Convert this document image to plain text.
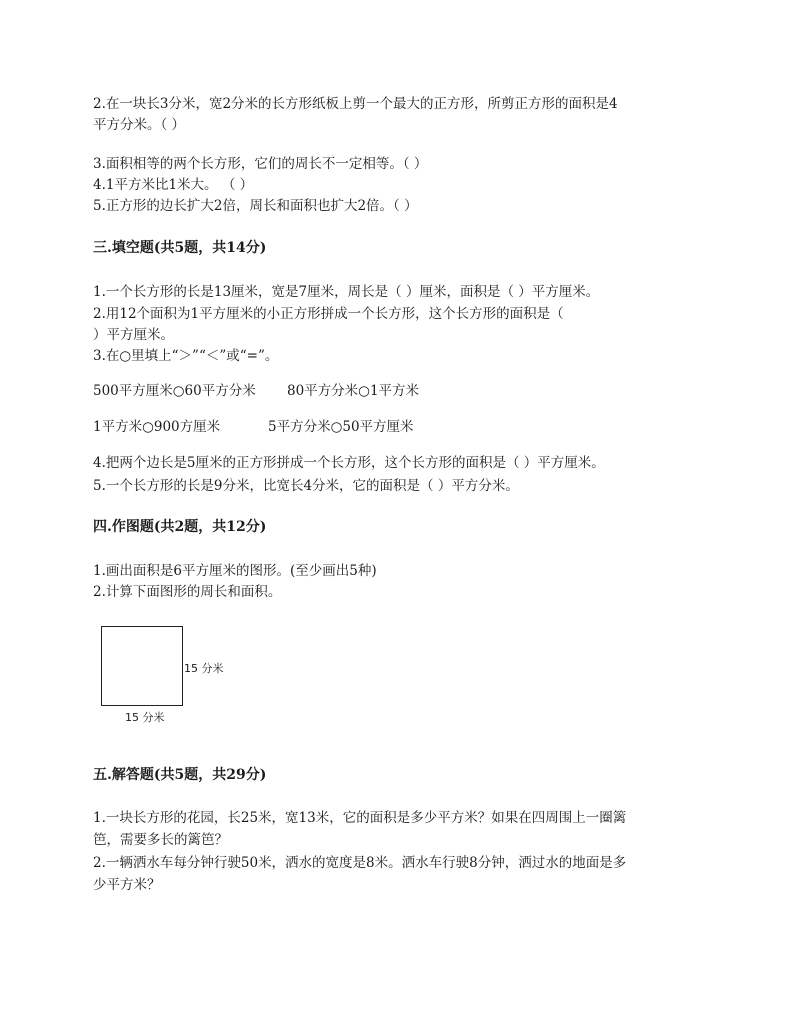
2.在一块长3分米，宽2分米的长方形纸板上剪一个最大的正方形，所剪正方形的面积是4
平方分米。（ ）
3.面积相等的两个长方形，它们的周长不一定相等。（ ）
4.1平方米比1米大。 （ ）
5.正方形的边长扩大2倍，周长和面积也扩大2倍。（ ）
三.填空题(共5题，共14分)
1.一个长方形的长是13厘米，宽是7厘米，周长是（ ）厘米，面积是（ ）平方厘米。
2.用12个面积为1平方厘米的小正方形拼成一个长方形，这个长方形的面积是（
）平方厘米。
3.在○里填上“＞”“＜”或“=”。
500平方厘米○60平方分米 80平方分米○1平方米
1平方米○900方厘米	5平方分米○50平方厘米
4.把两个边长是5厘米的正方形拼成一个长方形，这个长方形的面积是（ ）平方厘米。
5.一个长方形的长是9分米，比宽长4分米，它的面积是（ ）平方分米。
四.作图题(共2题，共12分)
1.画出面积是6平方厘米的图形。(至少画出5种)
2.计算下面图形的周长和面积。
15 分米
15 分米
五.解答题(共5题，共29分)
1.一块长方形的花园，长25米，宽13米，它的面积是多少平方米？如果在四周围上一圈篱
笆，需要多长的篱笆？
2.一辆洒水车每分钟行驶50米，洒水的宽度是8米。洒水车行驶8分钟，洒过水的地面是多
少平方米？
